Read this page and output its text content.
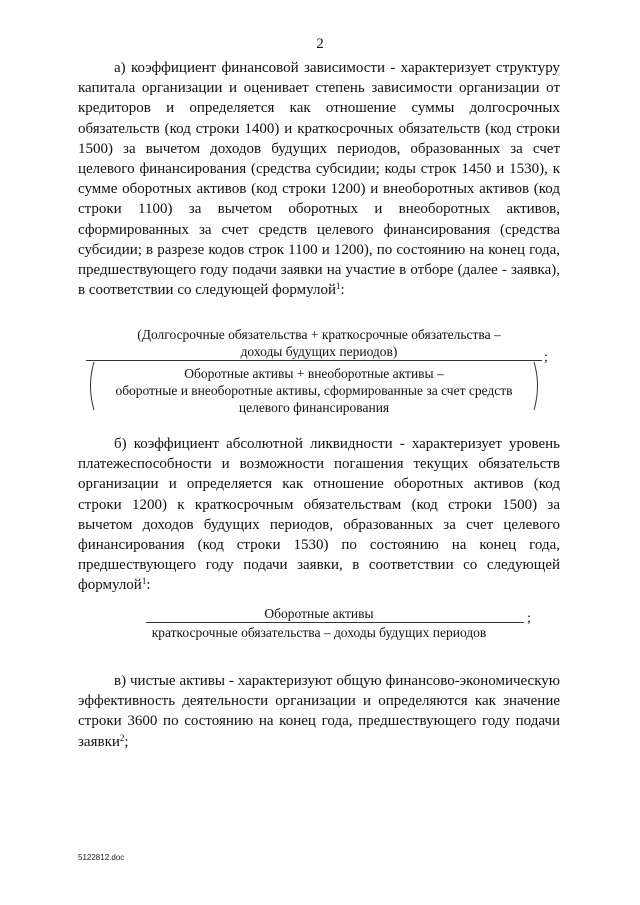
2

а) коэффициент финансовой зависимости - характеризует структуру капитала организации и оценивает степень зависимости организации от кредиторов и определяется как отношение суммы долгосрочных обязательств (код строки 1400) и краткосрочных обязательств (код строки 1500) за вычетом доходов будущих периодов, образованных за счет целевого финансирования (средства субсидии; коды строк 1450 и 1530), к сумме оборотных активов (код строки 1200) и внеоборотных активов (код строки 1100) за вычетом оборотных и внеоборотных активов, сформированных за счет средств целевого финансирования (средства субсидии; в разрезе кодов строк 1100 и 1200), по состоянию на конец года, предшествующего году подачи заявки на участие в отборе (далее - заявка), в соответствии со следующей формулой$^1$:

(Долгосрочные обязательства + краткосрочные обязательства –

доходы будущих периодов)	;

Оборотные активы + внеоборотные активы –
оборотные и внеоборотные активы, сформированные за счет средств
целевого финансирования

б) коэффициент абсолютной ликвидности - характеризует уровень платежеспособности и возможности погашения текущих обязательств организации и определяется как отношение оборотных активов (код строки 1200) к краткосрочным обязательствам (код строки 1500) за вычетом доходов будущих периодов, образованных за счет целевого финансирования (код строки 1530) по состоянию на конец года, предшествующего году подачи заявки, в соответствии со следующей формулой$^1$:

Оборотные активы	;

краткосрочные обязательства – доходы будущих периодов

в) чистые активы - характеризуют общую финансово-экономическую эффективность деятельности организации и определяются как значение строки 3600 по состоянию на конец года, предшествующего году подачи заявки$^2$;

5122812.doc
